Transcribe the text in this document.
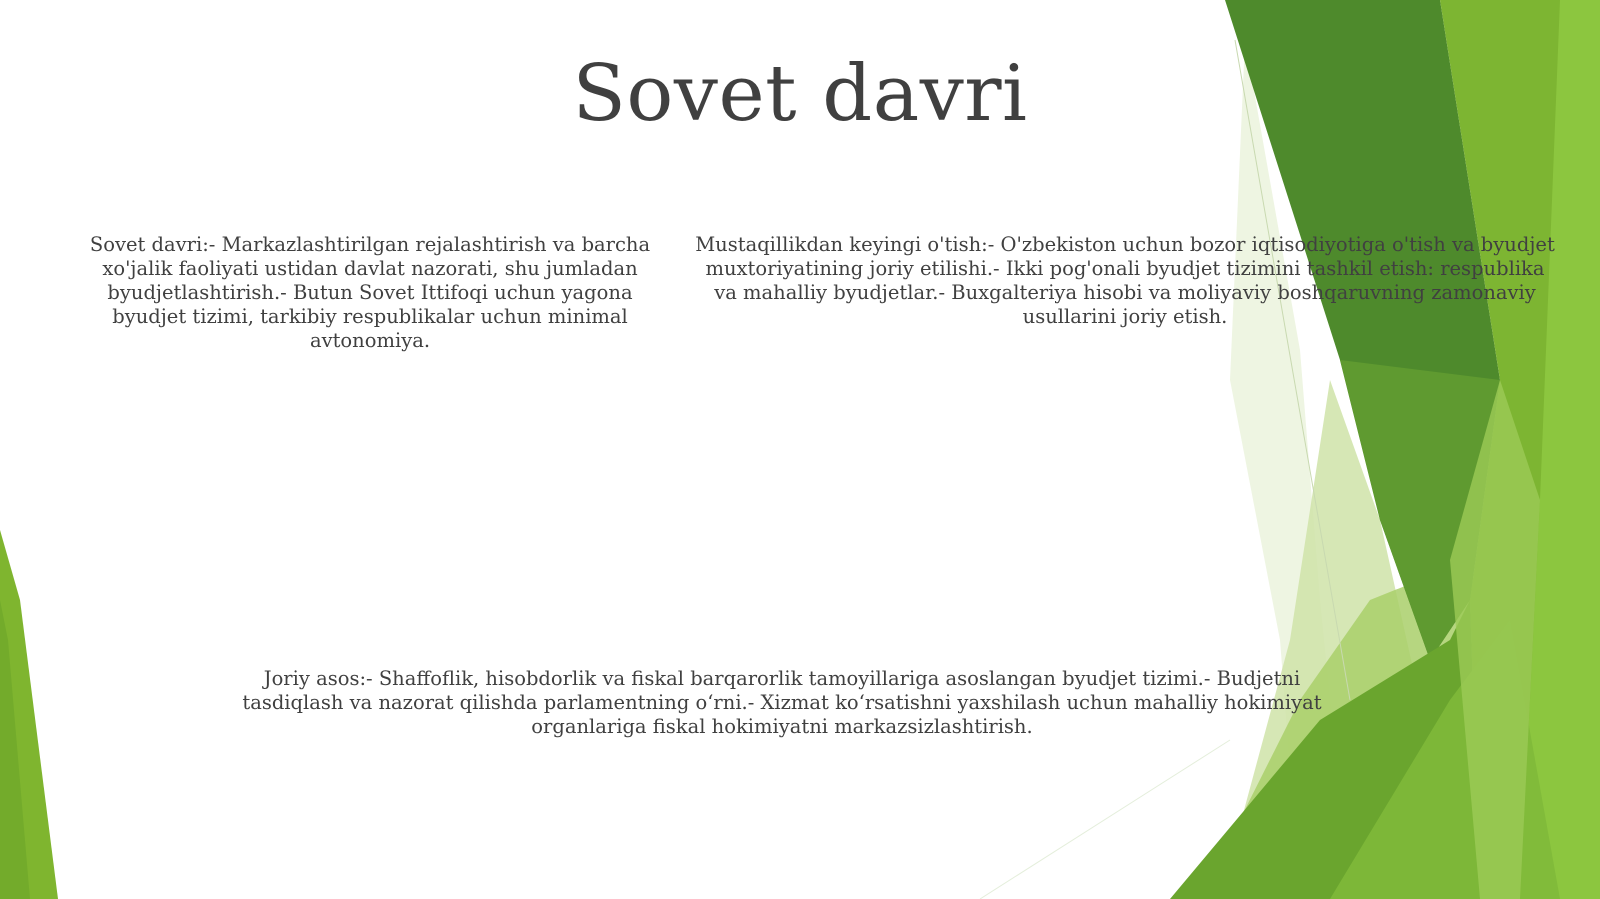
Sovet davri

Sovet davri:- Markazlashtirilgan rejalashtirish va barcha xo'jalik faoliyati ustidan davlat nazorati, shu jumladan byudjetlashtirish.- Butun Sovet Ittifoqi uchun yagona byudjet tizimi, tarkibiy respublikalar uchun minimal avtonomiya.

Mustaqillikdan keyingi o'tish:- O'zbekiston uchun bozor iqtisodiyotiga o'tish va byudjet muxtoriyatining joriy etilishi.- Ikki pog'onali byudjet tizimini tashkil etish: respublika va mahalliy byudjetlar.- Buxgalteriya hisobi va moliyaviy boshqaruvning zamonaviy usullarini joriy etish.

Joriy asos:- Shaffoflik, hisobdorlik va fiskal barqarorlik tamoyillariga asoslangan byudjet tizimi.- Budjetni tasdiqlash va nazorat qilishda parlamentning oʻrni.- Xizmat koʻrsatishni yaxshilash uchun mahalliy hokimiyat organlariga fiskal hokimiyatni markazsizlashtirish.
